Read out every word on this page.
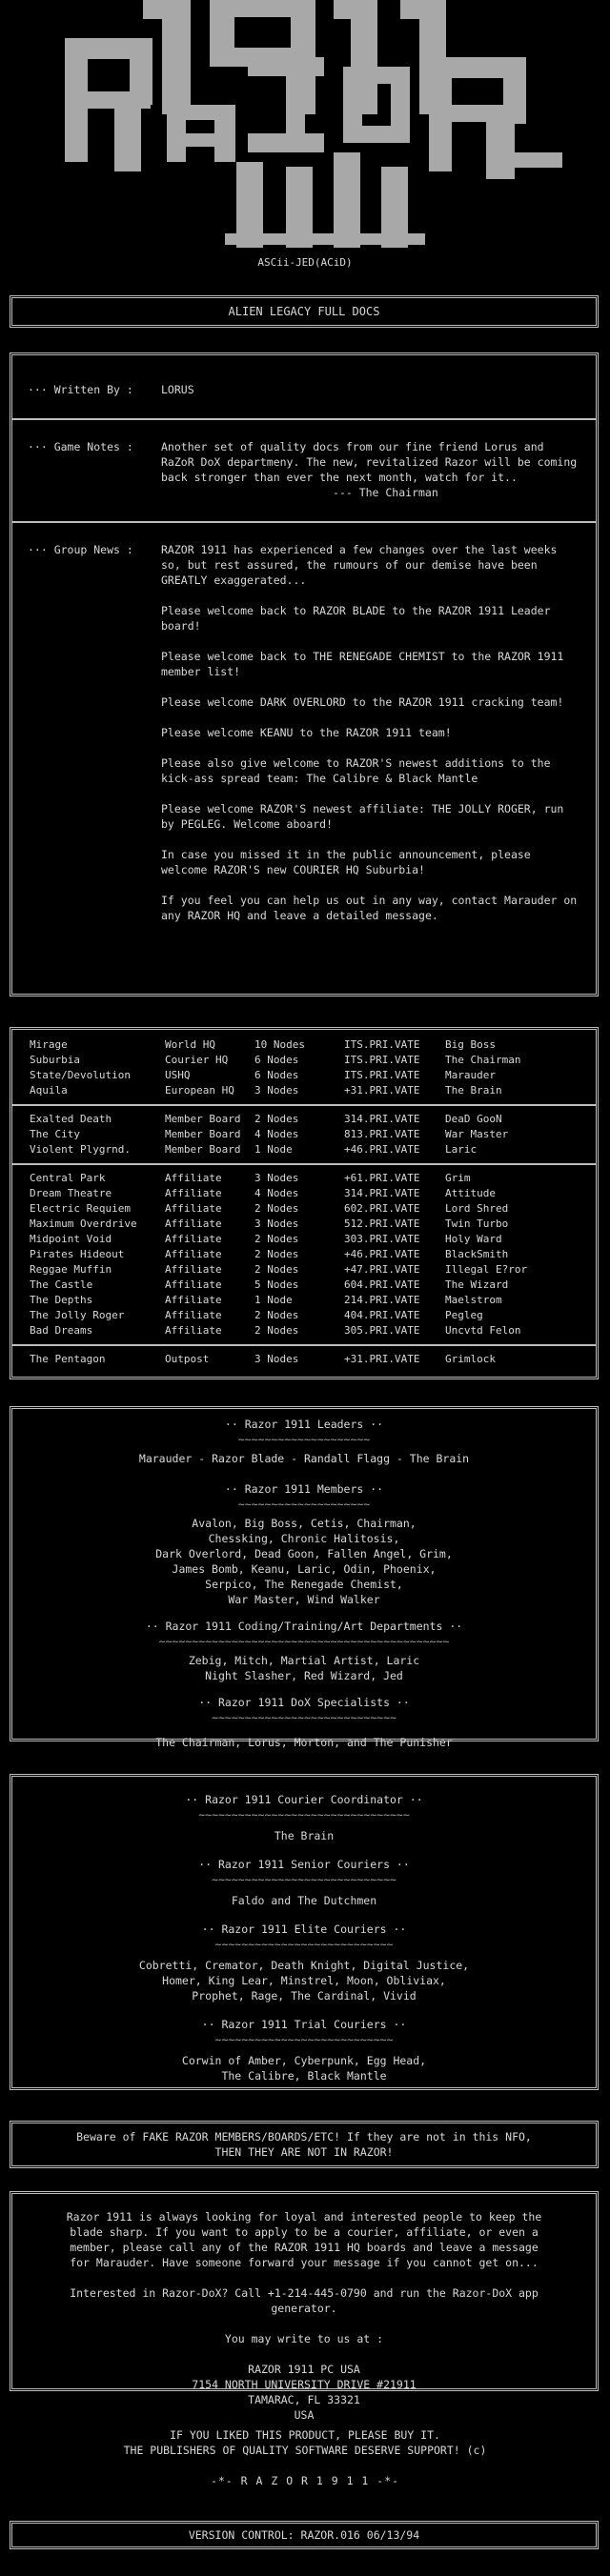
ASCii-JED(ACiD)
ALIEN LEGACY FULL DOCS
··· Written By :	LORUS
··· Game Notes :	Another set of quality docs from our fine friend Lorus and RaZoR DoX departmeny. The new, revitalized Razor will be coming back stronger than ever the next month, watch for it..
--- The Chairman
··· Group News :	RAZOR 1911 has experienced a few changes over the last weeks so, but rest assured, the rumours of our demise have been GREATLY exaggerated...

Please welcome back to RAZOR BLADE to the RAZOR 1911 Leader board!

Please welcome back to THE RENEGADE CHEMIST to the RAZOR 1911 member list!

Please welcome DARK OVERLORD to the RAZOR 1911 cracking team!

Please welcome KEANU to the RAZOR 1911 team!

Please also give welcome to RAZOR'S newest additions to the kick-ass spread team: The Calibre & Black Mantle

Please welcome RAZOR'S newest affiliate: THE JOLLY ROGER, run by PEGLEG. Welcome aboard!

In case you missed it in the public announcement, please welcome RAZOR'S new COURIER HQ Suburbia!

If you feel you can help us out in any way, contact Marauder on any RAZOR HQ and leave a detailed message.

Mirage	World HQ	10 Nodes	ITS.PRI.VATE	Big Boss
Suburbia	Courier HQ	6 Nodes	ITS.PRI.VATE	The Chairman
State/Devolution	USHQ	6 Nodes	ITS.PRI.VATE	Marauder
Aquila	European HQ	3 Nodes	+31.PRI.VATE	The Brain
Exalted Death	Member Board	2 Nodes	314.PRI.VATE	DeaD GooN
The City	Member Board	4 Nodes	813.PRI.VATE	War Master
Violent Plygrnd.	Member Board	1 Node	+46.PRI.VATE	Laric
Central Park	Affiliate	3 Nodes	+61.PRI.VATE	Grim
Dream Theatre	Affiliate	4 Nodes	314.PRI.VATE	Attitude
Electric Requiem	Affiliate	2 Nodes	602.PRI.VATE	Lord Shred
Maximum Overdrive	Affiliate	3 Nodes	512.PRI.VATE	Twin Turbo
Midpoint Void	Affiliate	2 Nodes	303.PRI.VATE	Holy Ward
Pirates Hideout	Affiliate	2 Nodes	+46.PRI.VATE	BlackSmith
Reggae Muffin	Affiliate	2 Nodes	+47.PRI.VATE	Illegal E?ror
The Castle	Affiliate	5 Nodes	604.PRI.VATE	The Wizard
The Depths	Affiliate	1 Node	214.PRI.VATE	Maelstrom
The Jolly Roger	Affiliate	2 Nodes	404.PRI.VATE	Pegleg
Bad Dreams	Affiliate	2 Nodes	305.PRI.VATE	Uncvtd Felon
The Pentagon	Outpost	3 Nodes	+31.PRI.VATE	Grimlock
·· Razor 1911 Leaders ··
~~~~~~~~~~~~~~~~~~~~
Marauder - Razor Blade - Randall Flagg - The Brain
·· Razor 1911 Members ··
~~~~~~~~~~~~~~~~~~~~
Avalon, Big Boss, Cetis, Chairman,
Chessking, Chronic Halitosis,
Dark Overlord, Dead Goon, Fallen Angel, Grim,
James Bomb, Keanu, Laric, Odin, Phoenix,
Serpico, The Renegade Chemist,
War Master, Wind Walker
·· Razor 1911 Coding/Training/Art Departments ··
~~~~~~~~~~~~~~~~~~~~~~~~~~~~~~~~~~~~~~~~~~~~
Zebig, Mitch, Martial Artist, Laric
Night Slasher, Red Wizard, Jed
·· Razor 1911 DoX Specialists ··
~~~~~~~~~~~~~~~~~~~~~~~~~~~~
The Chairman, Lorus, Morton, and The Punisher
·· Razor 1911 Courier Coordinator ··
~~~~~~~~~~~~~~~~~~~~~~~~~~~~~~~~
The Brain
·· Razor 1911 Senior Couriers ··
~~~~~~~~~~~~~~~~~~~~~~~~~~~~
Faldo and The Dutchmen
·· Razor 1911 Elite Couriers ··
~~~~~~~~~~~~~~~~~~~~~~~~~~~
Cobretti, Cremator, Death Knight, Digital Justice,
Homer, King Lear, Minstrel, Moon, Obliviax,
Prophet, Rage, The Cardinal, Vivid
·· Razor 1911 Trial Couriers ··
~~~~~~~~~~~~~~~~~~~~~~~~~~~
Corwin of Amber, Cyberpunk, Egg Head,
The Calibre, Black Mantle
Beware of FAKE RAZOR MEMBERS/BOARDS/ETC! If they are not in this NFO,
THEN THEY ARE NOT IN RAZOR!
Razor 1911 is always looking for loyal and interested people to keep the
blade sharp. If you want to apply to be a courier, affiliate, or even a
member, please call any of the RAZOR 1911 HQ boards and leave a message
for Marauder. Have someone forward your message if you cannot get on...
Interested in Razor-DoX? Call +1-214-445-0790 and run the Razor-DoX app
generator.
You may write to us at :
RAZOR 1911 PC USA
7154 NORTH UNIVERSITY DRIVE #21911
TAMARAC, FL 33321
USA
IF YOU LIKED THIS PRODUCT, PLEASE BUY IT.
THE PUBLISHERS OF QUALITY SOFTWARE DESERVE SUPPORT! (c)
-*- R A Z O R 1 9 1 1 -*-
VERSION CONTROL: RAZOR.016 06/13/94
